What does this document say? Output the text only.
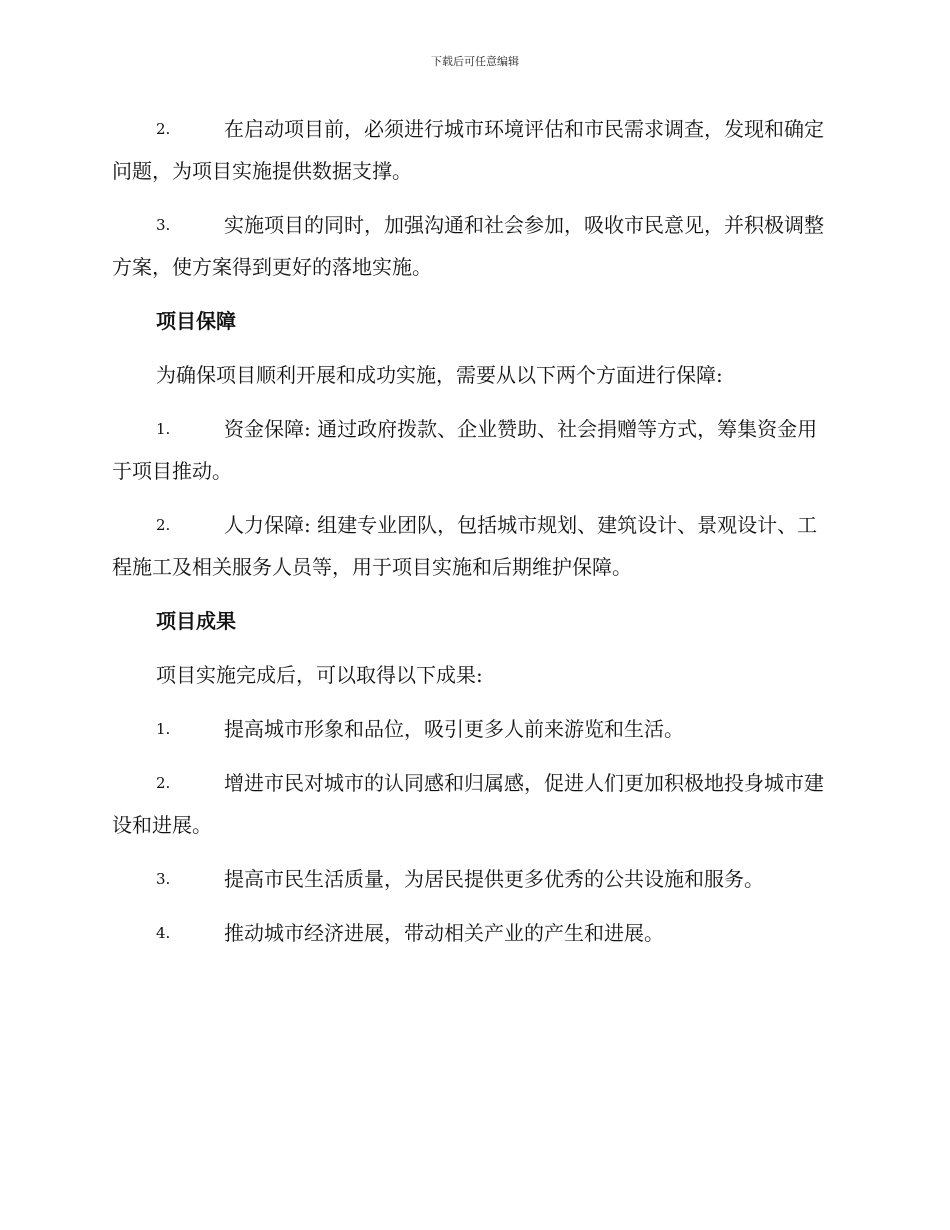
下载后可任意编辑
2.	在启动项目前，必须进行城市环境评估和市民需求调查，发现和确定问题，为项目实施提供数据支撑。
3.	实施项目的同时，加强沟通和社会参加，吸收市民意见，并积极调整方案，使方案得到更好的落地实施。
项目保障
为确保项目顺利开展和成功实施，需要从以下两个方面进行保障:
1.	资金保障: 通过政府拨款、企业赞助、社会捐赠等方式，筹集资金用于项目推动。
2.	人力保障: 组建专业团队，包括城市规划、建筑设计、景观设计、工程施工及相关服务人员等，用于项目实施和后期维护保障。
项目成果
项目实施完成后，可以取得以下成果:
1.	提高城市形象和品位，吸引更多人前来游览和生活。
2.	增进市民对城市的认同感和归属感，促进人们更加积极地投身城市建设和进展。
3.	提高市民生活质量，为居民提供更多优秀的公共设施和服务。
4.	推动城市经济进展，带动相关产业的产生和进展。
